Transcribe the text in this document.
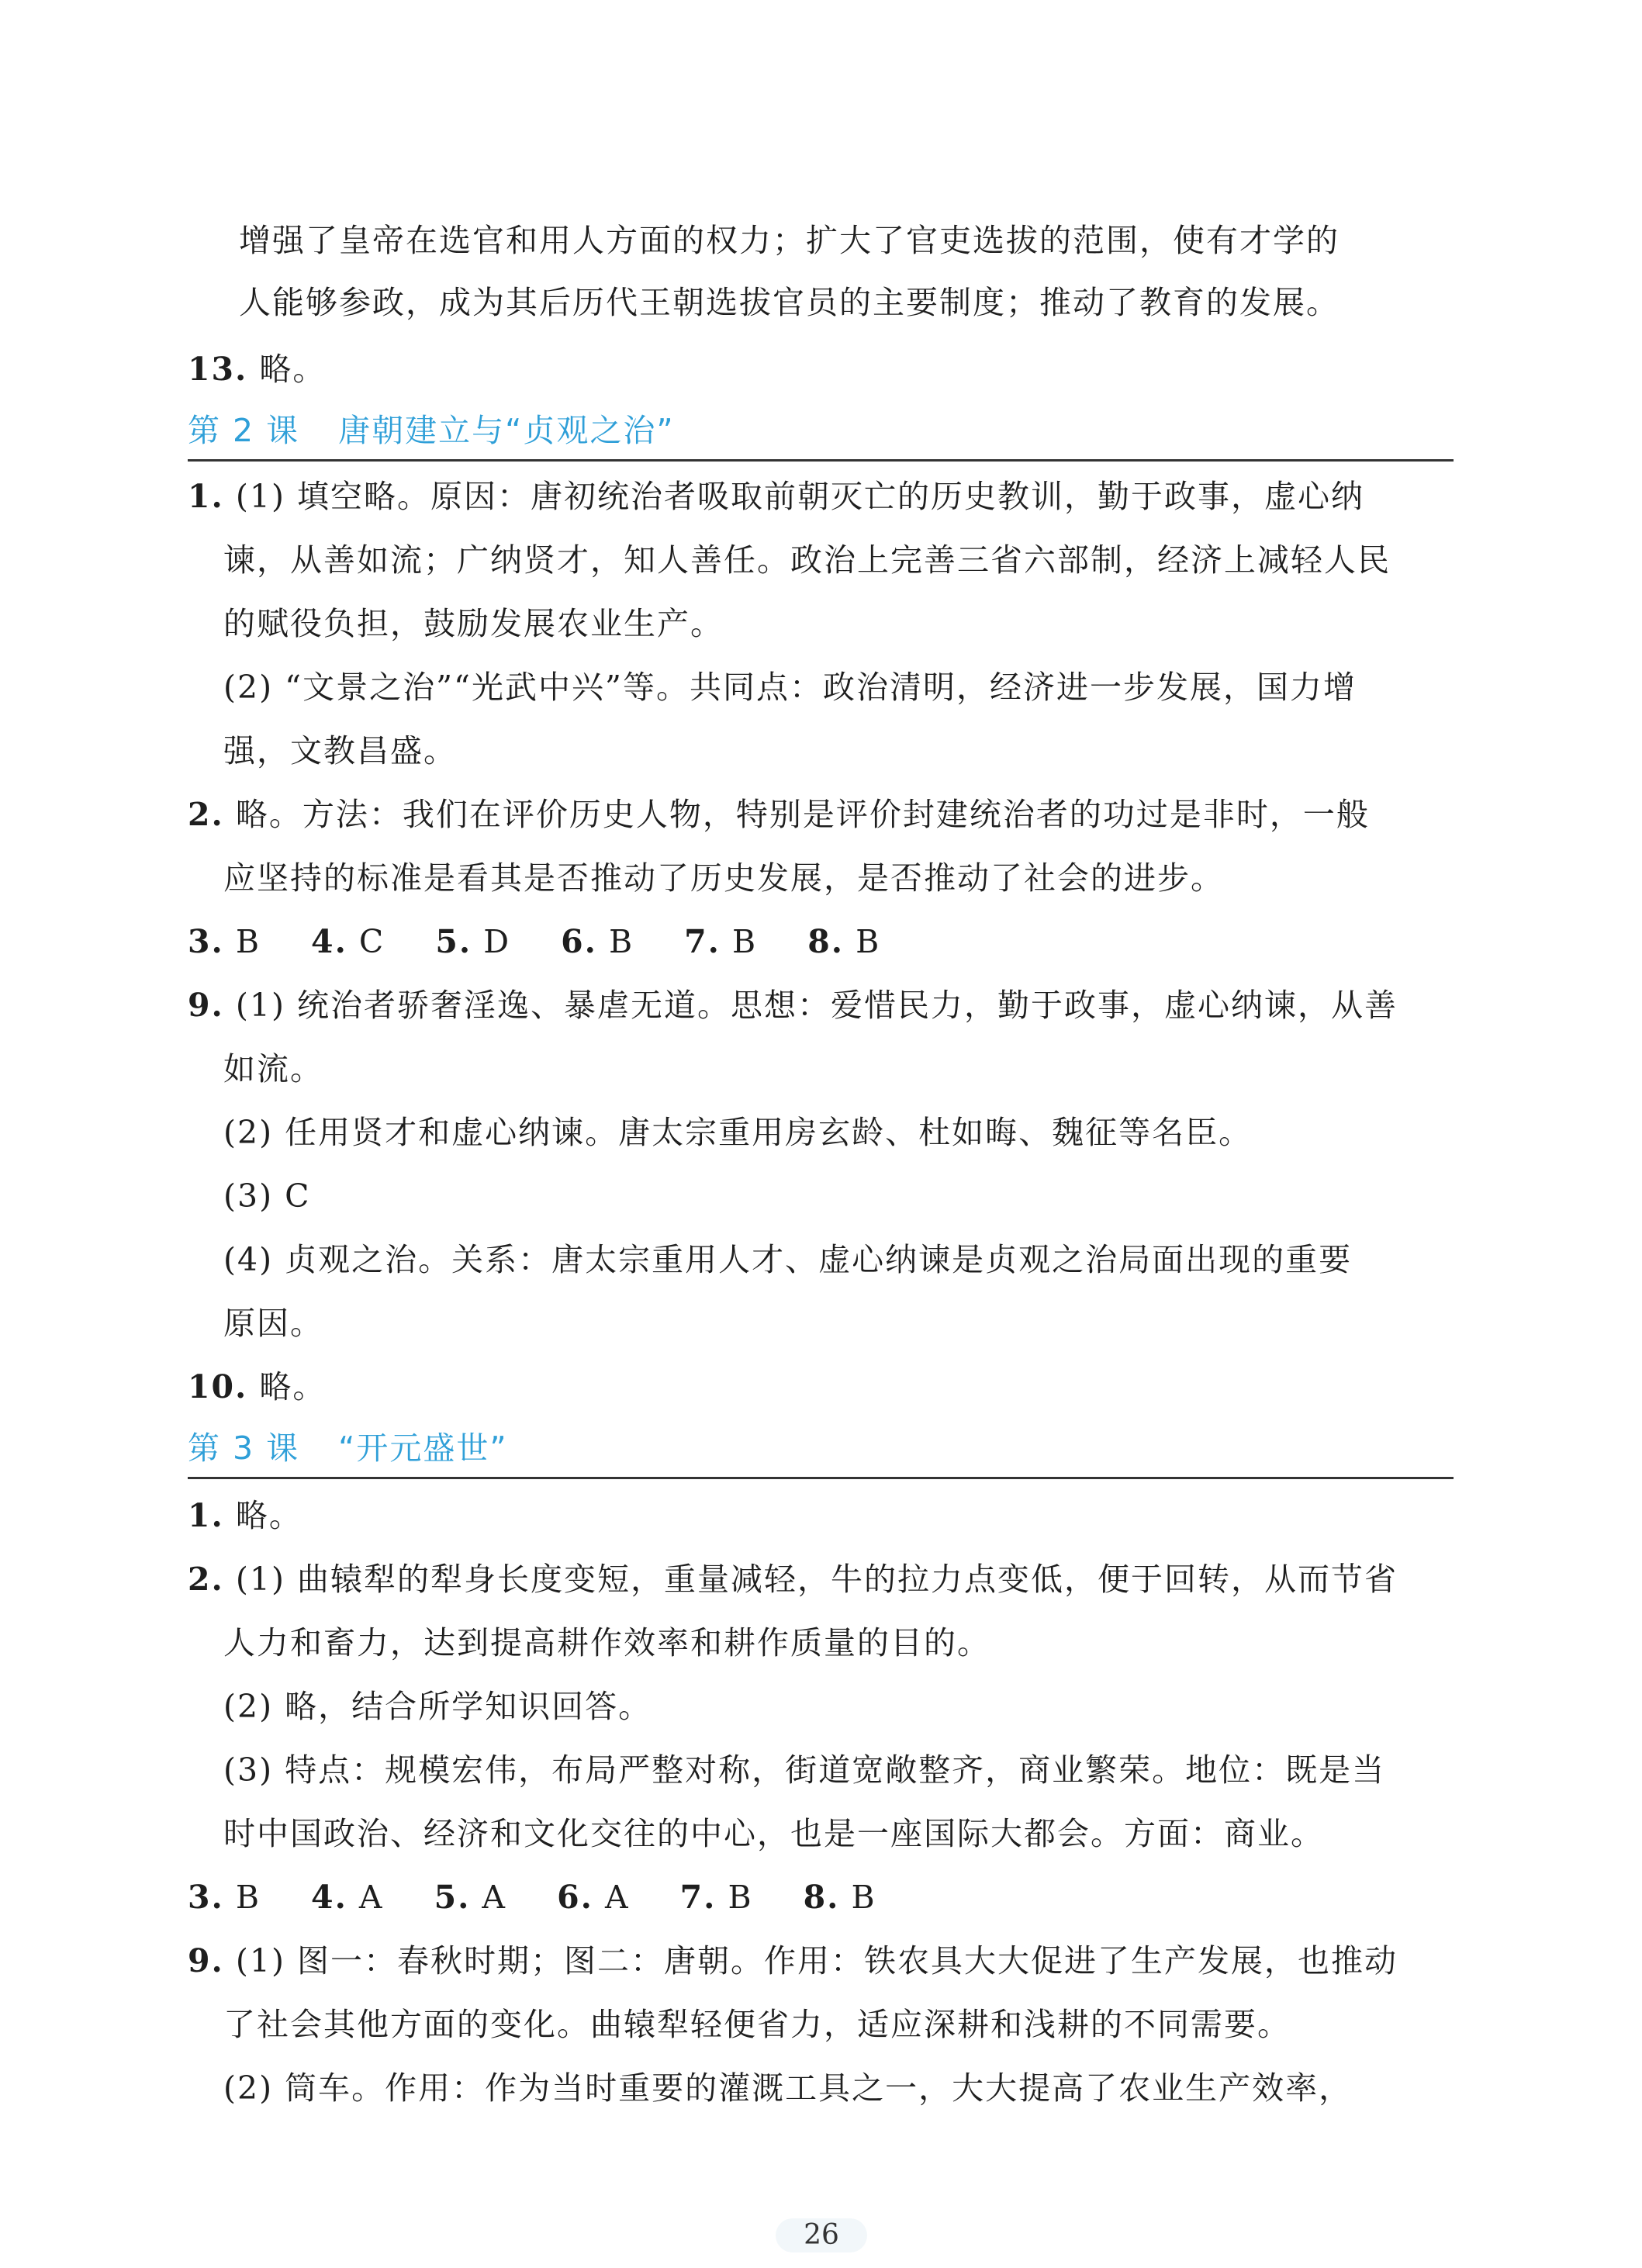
增强了皇帝在选官和用人方面的权力；扩大了官吏选拔的范围，使有才学的
人能够参政，成为其后历代王朝选拔官员的主要制度；推动了教育的发展。
13. 略。
第 2 课 唐朝建立与“贞观之治”
1. (1) 填空略。原因：唐初统治者吸取前朝灭亡的历史教训，勤于政事，虚心纳
谏，从善如流；广纳贤才，知人善任。政治上完善三省六部制，经济上减轻人民
的赋役负担，鼓励发展农业生产。
(2) “文景之治”“光武中兴”等。共同点：政治清明，经济进一步发展，国力增
强，文教昌盛。
2. 略。方法：我们在评价历史人物，特别是评价封建统治者的功过是非时，一般
应坚持的标准是看其是否推动了历史发展，是否推动了社会的进步。
3. B 4. C 5. D 6. B 7. B 8. B
9. (1) 统治者骄奢淫逸、暴虐无道。思想：爱惜民力，勤于政事，虚心纳谏，从善
如流。
(2) 任用贤才和虚心纳谏。唐太宗重用房玄龄、杜如晦、魏征等名臣。
(3) C
(4) 贞观之治。关系：唐太宗重用人才、虚心纳谏是贞观之治局面出现的重要
原因。
10. 略。
第 3 课 “开元盛世”
1. 略。
2. (1) 曲辕犁的犁身长度变短，重量减轻，牛的拉力点变低，便于回转，从而节省
人力和畜力，达到提高耕作效率和耕作质量的目的。
(2) 略，结合所学知识回答。
(3) 特点：规模宏伟，布局严整对称，街道宽敞整齐，商业繁荣。地位：既是当
时中国政治、经济和文化交往的中心，也是一座国际大都会。方面：商业。
3. B 4. A 5. A 6. A 7. B 8. B
9. (1) 图一：春秋时期；图二：唐朝。作用：铁农具大大促进了生产发展，也推动
了社会其他方面的变化。曲辕犁轻便省力，适应深耕和浅耕的不同需要。
(2) 筒车。作用：作为当时重要的灌溉工具之一，大大提高了农业生产效率，
26
